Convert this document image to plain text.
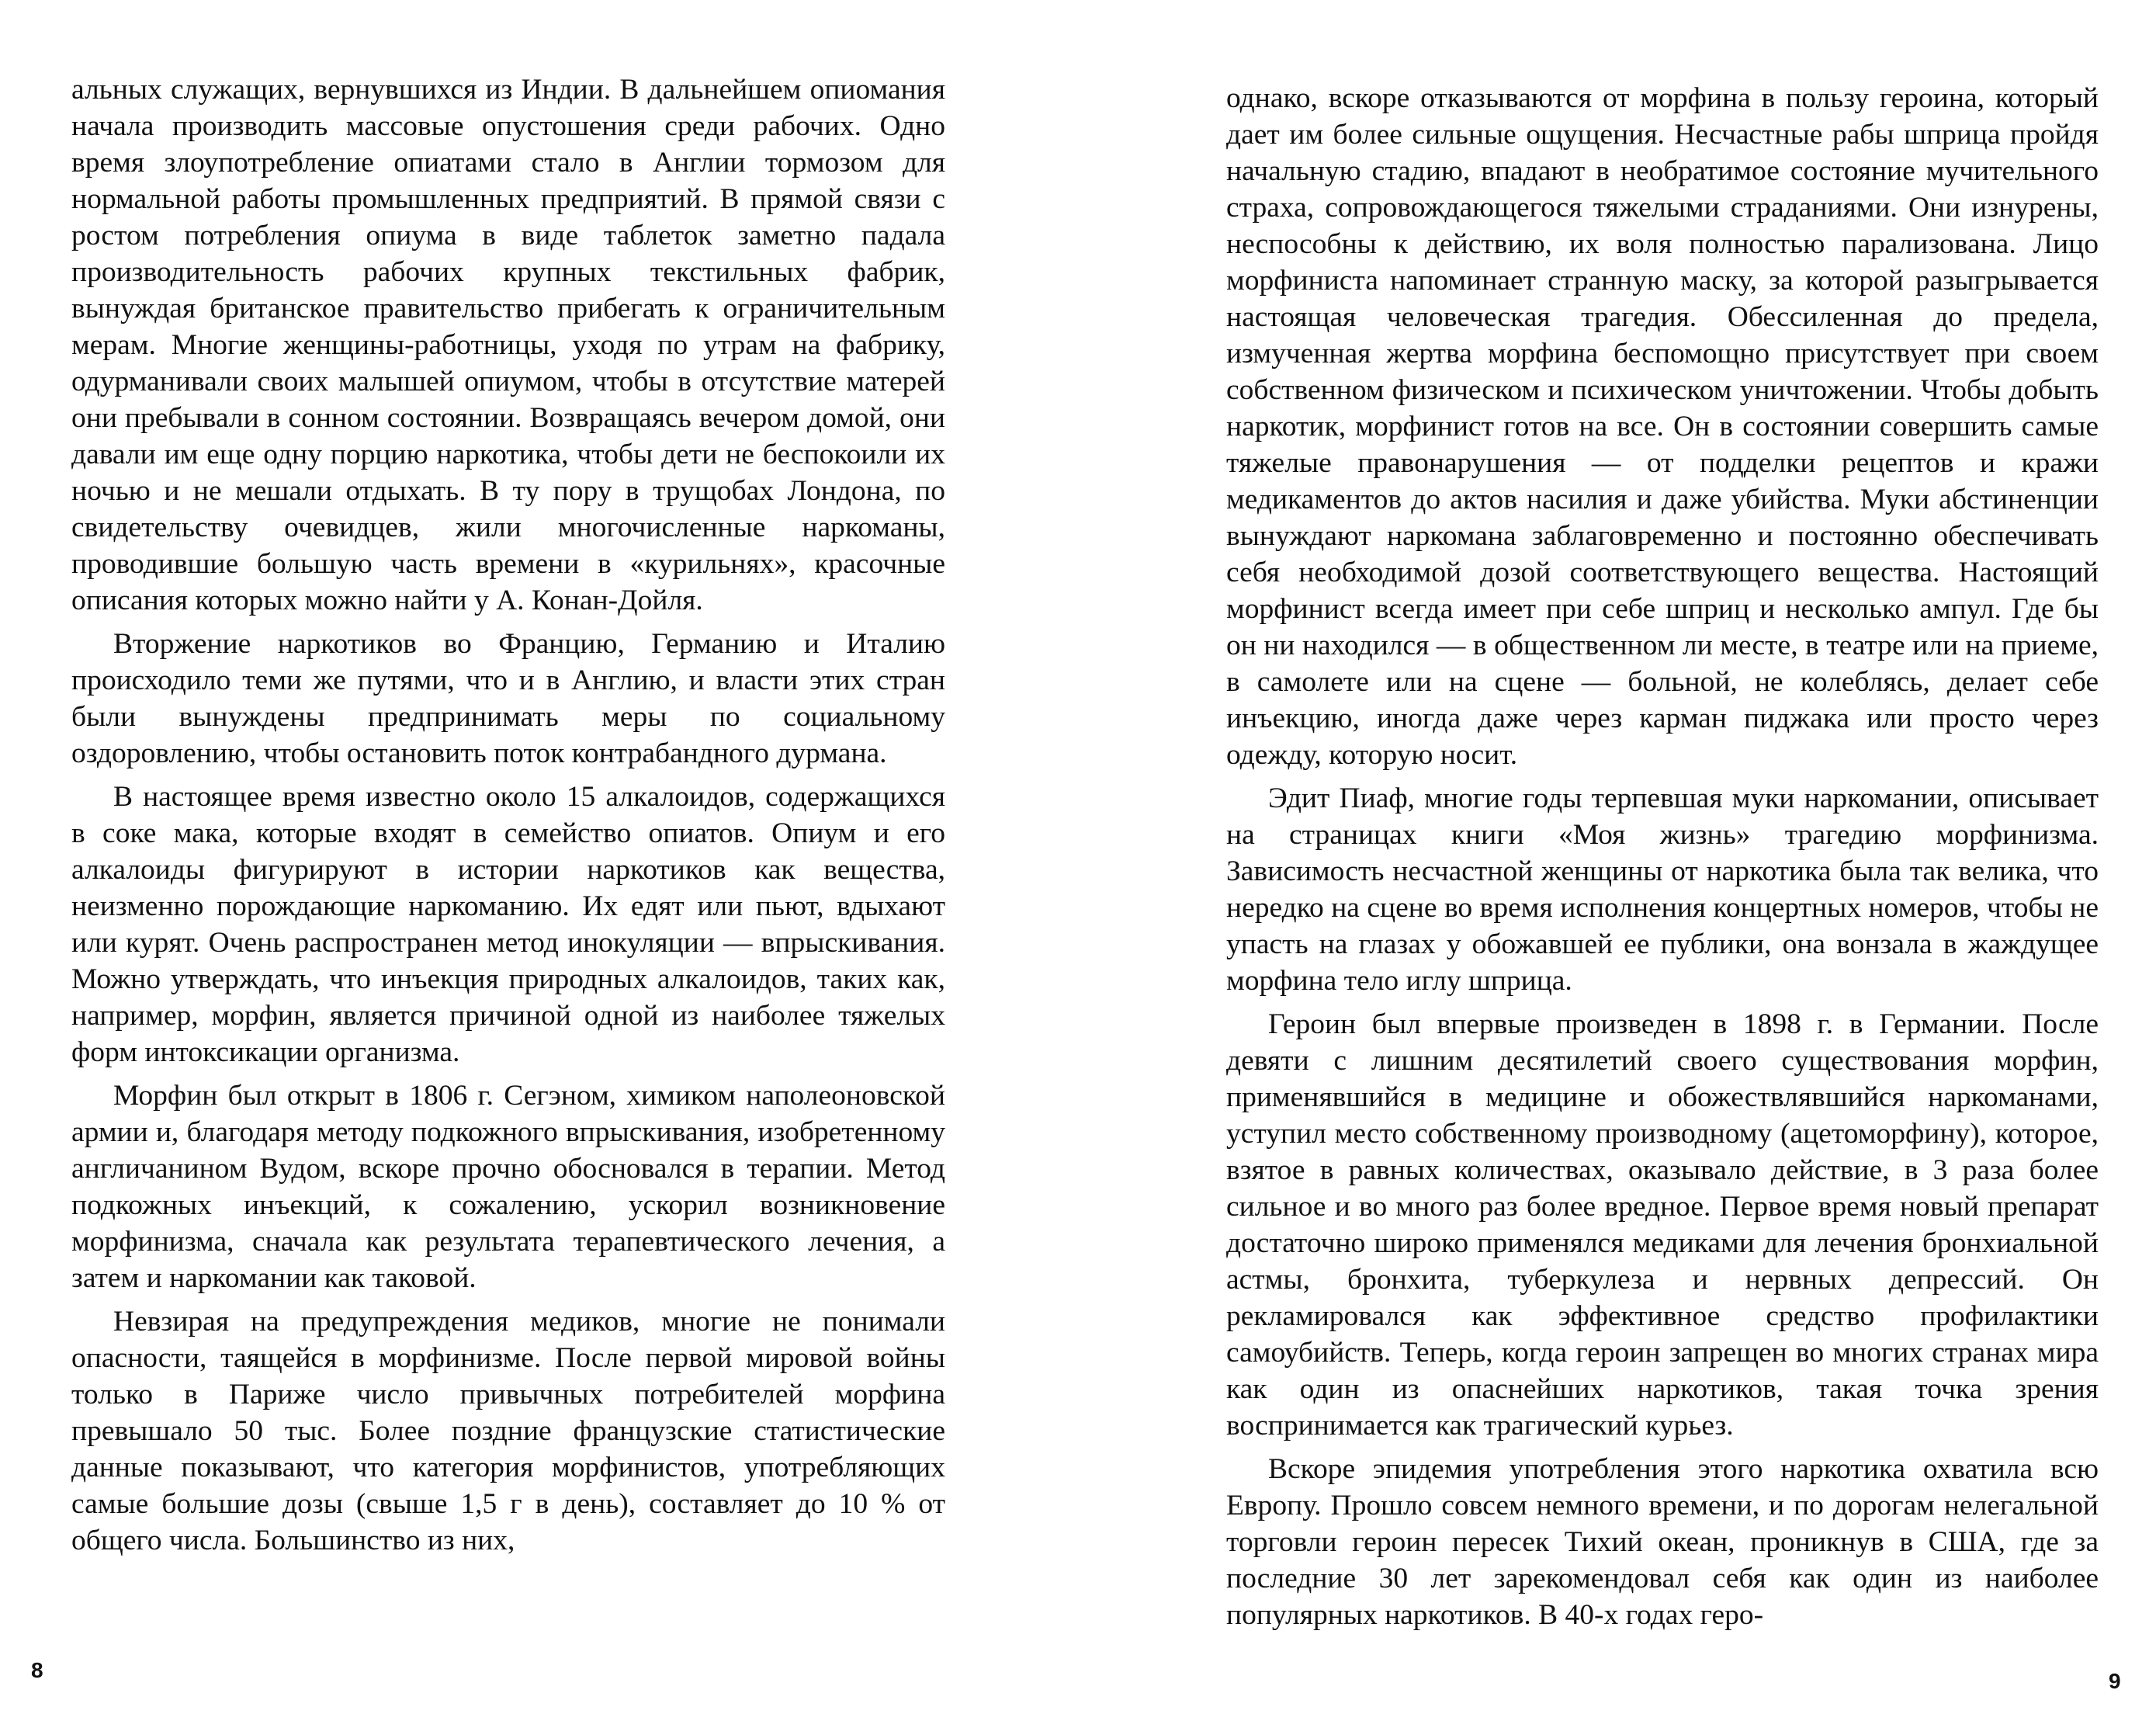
альных служащих, вернувшихся из Индии. В дальнейшем опиомания начала производить массовые опустошения среди рабочих. Одно время злоупотребление опиатами стало в Англии тормозом для нормальной работы промышленных предприятий. В прямой связи с ростом потребления опиума в виде таблеток заметно падала производительность рабочих крупных текстильных фабрик, вынуждая британское правительство прибегать к ограничительным мерам. Многие женщины-работницы, уходя по утрам на фабрику, одурманивали своих малышей опиумом, чтобы в отсутствие матерей они пребывали в сонном состоянии. Возвращаясь вечером домой, они давали им еще одну порцию наркотика, чтобы дети не беспокоили их ночью и не мешали отдыхать. В ту пору в трущобах Лондона, по свидетельству очевидцев, жили многочисленные наркоманы, проводившие большую часть времени в «курильнях», красочные описания которых можно найти у А. Конан-Дойля.

Вторжение наркотиков во Францию, Германию и Италию происходило теми же путями, что и в Англию, и власти этих стран были вынуждены предпринимать меры по социальному оздоровлению, чтобы остановить поток контрабандного дурмана.

В настоящее время известно около 15 алкалоидов, содержащихся в соке мака, которые входят в семейство опиатов. Опиум и его алкалоиды фигурируют в истории наркотиков как вещества, неизменно порождающие наркоманию. Их едят или пьют, вдыхают или курят. Очень распространен метод инокуляции — впрыскивания. Можно утверждать, что инъекция природных алкалоидов, таких как, например, морфин, является причиной одной из наиболее тяжелых форм интоксикации организма.

Морфин был открыт в 1806 г. Сегэном, химиком наполеоновской армии и, благодаря методу подкожного впрыскивания, изобретенному англичанином Вудом, вскоре прочно обосновался в терапии. Метод подкожных инъекций, к сожалению, ускорил возникновение морфинизма, сначала как результата терапевтического лечения, а затем и наркомании как таковой.

Невзирая на предупреждения медиков, многие не понимали опасности, таящейся в морфинизме. После первой мировой войны только в Париже число привычных потребителей морфина превышало 50 тыс. Более поздние французские статистические данные показывают, что категория морфинистов, употребляющих самые большие дозы (свыше 1,5 г в день), составляет до 10 % от общего числа. Большинство из них,

8

однако, вскоре отказываются от морфина в пользу героина, который дает им более сильные ощущения. Несчастные рабы шприца пройдя начальную стадию, впадают в необратимое состояние мучительного страха, сопровождающегося тяжелыми страданиями. Они изнурены, неспособны к действию, их воля полностью парализована. Лицо морфиниста напоминает странную маску, за которой разыгрывается настоящая человеческая трагедия. Обессиленная до предела, измученная жертва морфина беспомощно присутствует при своем собственном физическом и психическом уничтожении. Чтобы добыть наркотик, морфинист готов на все. Он в состоянии совершить самые тяжелые правонарушения — от подделки рецептов и кражи медикаментов до актов насилия и даже убийства. Муки абстиненции вынуждают наркомана заблаговременно и постоянно обеспечивать себя необходимой дозой соответствующего вещества. Настоящий морфинист всегда имеет при себе шприц и несколько ампул. Где бы он ни находился — в общественном ли месте, в театре или на приеме, в самолете или на сцене — больной, не колеблясь, делает себе инъекцию, иногда даже через карман пиджака или просто через одежду, которую носит.

Эдит Пиаф, многие годы терпевшая муки наркомании, описывает на страницах книги «Моя жизнь» трагедию морфинизма. Зависимость несчастной женщины от наркотика была так велика, что нередко на сцене во время исполнения концертных номеров, чтобы не упасть на глазах у обожавшей ее публики, она вонзала в жаждущее морфина тело иглу шприца.

Героин был впервые произведен в 1898 г. в Германии. После девяти с лишним десятилетий своего существования морфин, применявшийся в медицине и обожествлявшийся наркоманами, уступил место собственному производному (ацетоморфину), которое, взятое в равных количествах, оказывало действие, в 3 раза более сильное и во много раз более вредное. Первое время новый препарат достаточно широко применялся медиками для лечения бронхиальной астмы, бронхита, туберкулеза и нервных депрессий. Он рекламировался как эффективное средство профилактики самоубийств. Теперь, когда героин запрещен во многих странах мира как один из опаснейших наркотиков, такая точка зрения воспринимается как трагический курьез.

Вскоре эпидемия употребления этого наркотика охватила всю Европу. Прошло совсем немного времени, и по дорогам нелегальной торговли героин пересек Тихий океан, проникнув в США, где за последние 30 лет зарекомендовал себя как один из наиболее популярных наркотиков. В 40-х годах геро-

9
